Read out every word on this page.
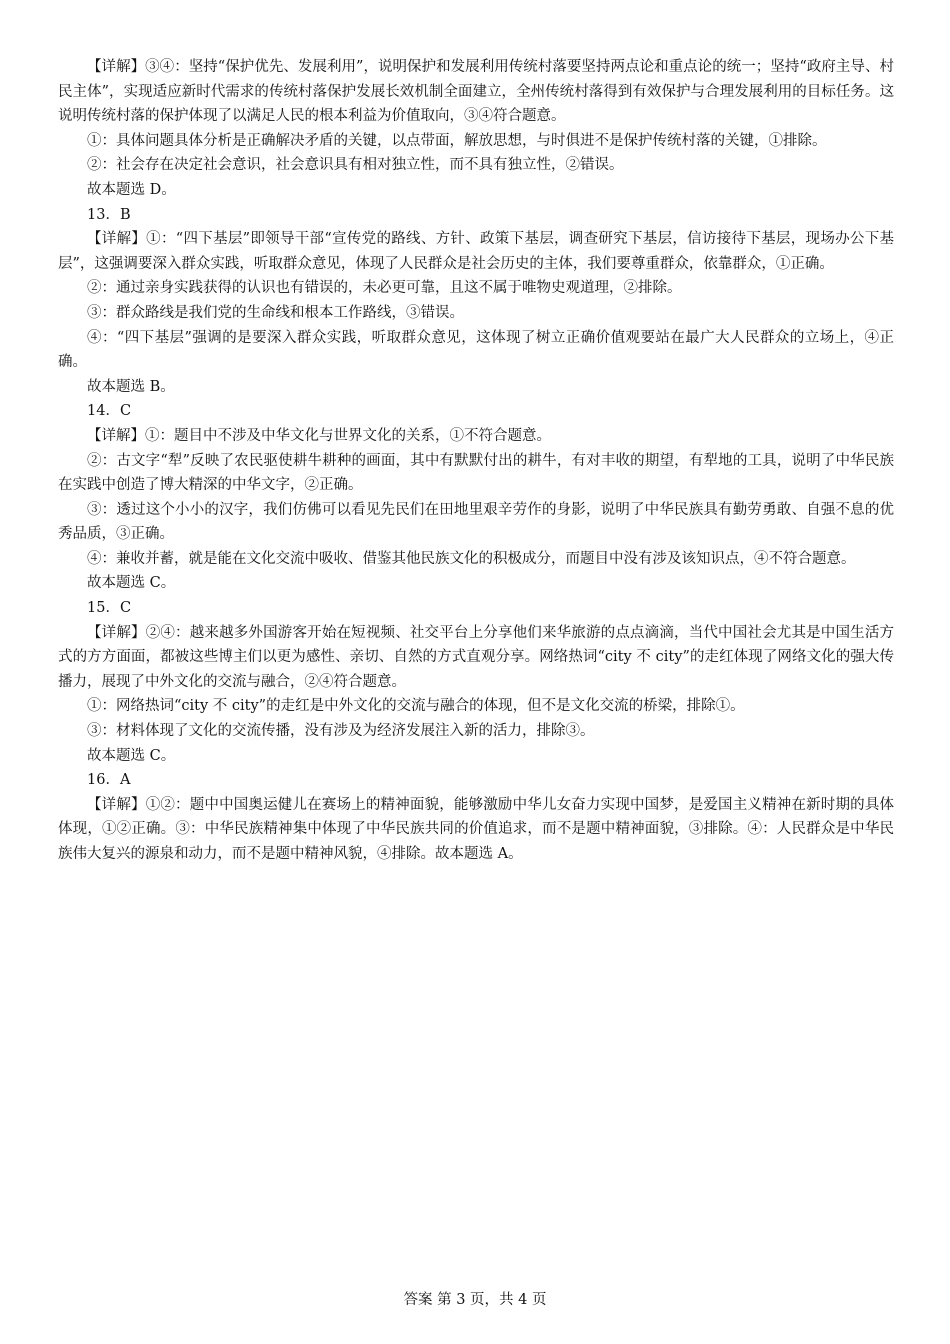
【详解】③④：坚持“保护优先、发展利用”，说明保护和发展利用传统村落要坚持两点论和重点论的统一；坚持“政府主导、村民主体”，实现适应新时代需求的传统村落保护发展长效机制全面建立，全州传统村落得到有效保护与合理发展利用的目标任务。这说明传统村落的保护体现了以满足人民的根本利益为价值取向，③④符合题意。

①：具体问题具体分析是正确解决矛盾的关键，以点带面，解放思想，与时俱进不是保护传统村落的关键，①排除。

②：社会存在决定社会意识，社会意识具有相对独立性，而不具有独立性，②错误。

故本题选 D。

13．B

【详解】①：“四下基层”即领导干部“宣传党的路线、方针、政策下基层，调查研究下基层，信访接待下基层，现场办公下基层”，这强调要深入群众实践，听取群众意见，体现了人民群众是社会历史的主体，我们要尊重群众，依靠群众，①正确。

②：通过亲身实践获得的认识也有错误的，未必更可靠，且这不属于唯物史观道理，②排除。

③：群众路线是我们党的生命线和根本工作路线，③错误。

④：“四下基层”强调的是要深入群众实践，听取群众意见，这体现了树立正确价值观要站在最广大人民群众的立场上，④正确。

故本题选 B。

14．C

【详解】①：题目中不涉及中华文化与世界文化的关系，①不符合题意。

②：古文字“犁”反映了农民驱使耕牛耕种的画面，其中有默默付出的耕牛，有对丰收的期望，有犁地的工具，说明了中华民族在实践中创造了博大精深的中华文字，②正确。

③：透过这个小小的汉字，我们仿佛可以看见先民们在田地里艰辛劳作的身影，说明了中华民族具有勤劳勇敢、自强不息的优秀品质，③正确。

④：兼收并蓄，就是能在文化交流中吸收、借鉴其他民族文化的积极成分，而题目中没有涉及该知识点，④不符合题意。

故本题选 C。

15．C

【详解】②④：越来越多外国游客开始在短视频、社交平台上分享他们来华旅游的点点滴滴，当代中国社会尤其是中国生活方式的方方面面，都被这些博主们以更为感性、亲切、自然的方式直观分享。网络热词“city 不 city”的走红体现了网络文化的强大传播力，展现了中外文化的交流与融合，②④符合题意。

①：网络热词“city 不 city”的走红是中外文化的交流与融合的体现，但不是文化交流的桥梁，排除①。

③：材料体现了文化的交流传播，没有涉及为经济发展注入新的活力，排除③。

故本题选 C。

16．A

【详解】①②：题中中国奥运健儿在赛场上的精神面貌，能够激励中华儿女奋力实现中国梦，是爱国主义精神在新时期的具体体现，①②正确。③：中华民族精神集中体现了中华民族共同的价值追求，而不是题中精神面貌，③排除。④：人民群众是中华民族伟大复兴的源泉和动力，而不是题中精神风貌，④排除。故本题选 A。

答案 第 3 页，共 4 页
